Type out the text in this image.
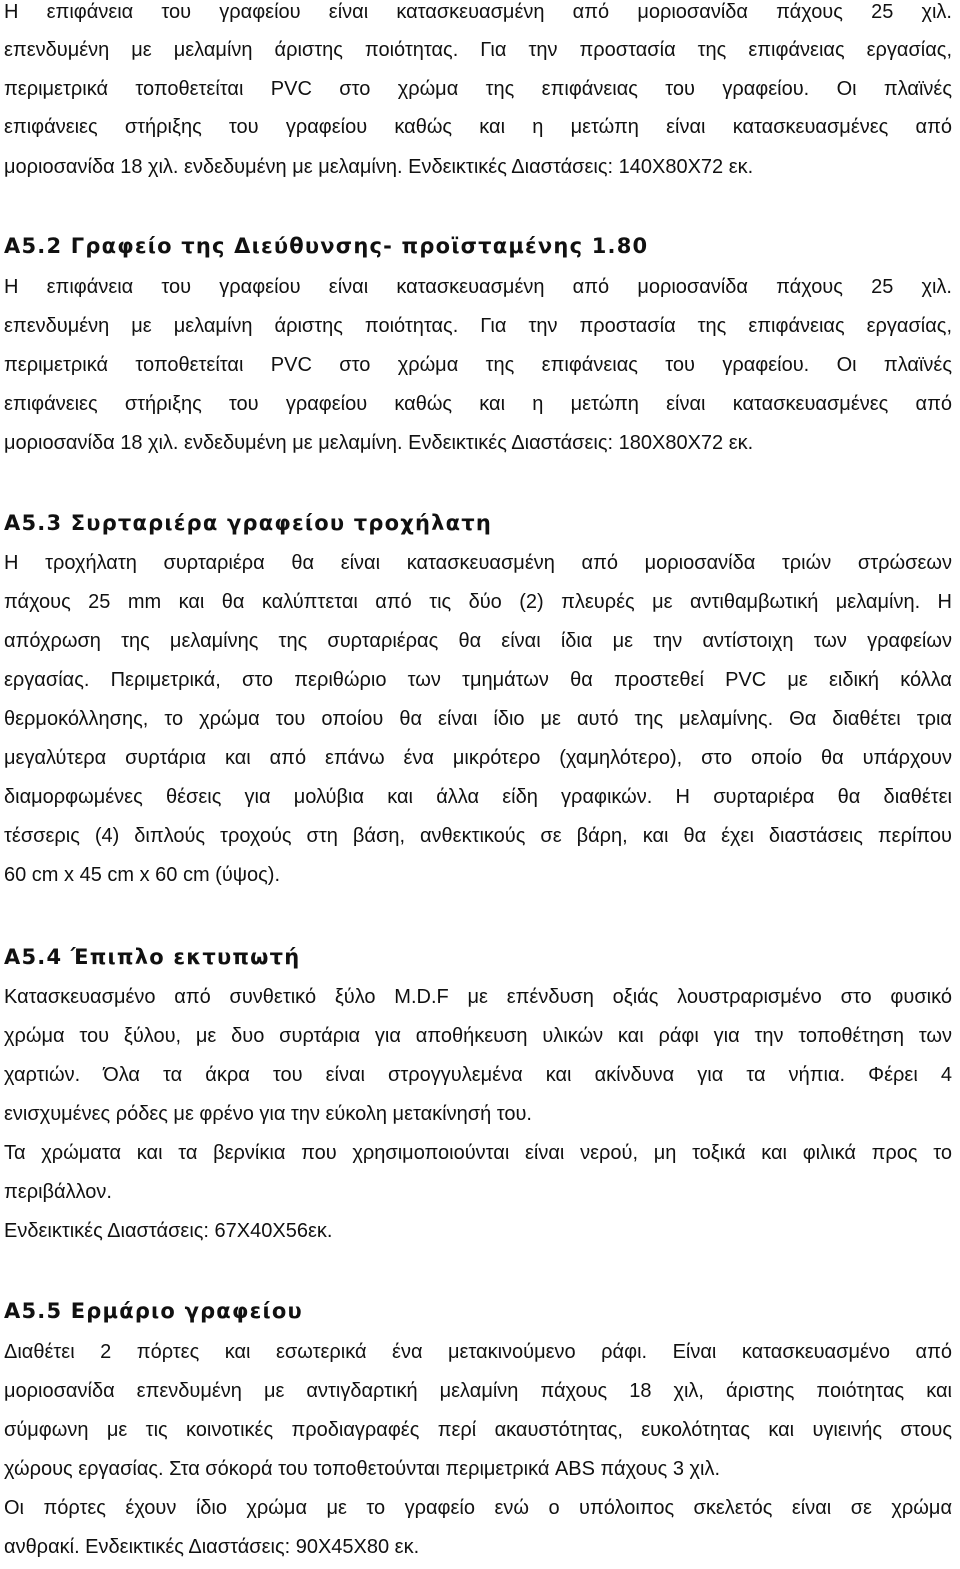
Η επιφάνεια του γραφείου είναι κατασκευασμένη από μοριοσανίδα πάχους 25 χιλ.

επενδυμένη με μελαμίνη άριστης ποιότητας. Για την προστασία της επιφάνειας εργασίας,

περιμετρικά τοποθετείται PVC στο χρώμα της επιφάνειας του γραφείου. Οι πλαϊνές

επιφάνειες στήριξης του γραφείου καθώς και η μετώπη είναι κατασκευασμένες από

μοριοσανίδα 18 χιλ. ενδεδυμένη με μελαμίνη. Ενδεικτικές Διαστάσεις: 140Χ80Χ72 εκ.

Α5.2 Γραφείο της Διεύθυνσης- προϊσταμένης 1.80

Η επιφάνεια του γραφείου είναι κατασκευασμένη από μοριοσανίδα πάχους 25 χιλ.

επενδυμένη με μελαμίνη άριστης ποιότητας. Για την προστασία της επιφάνειας εργασίας,

περιμετρικά τοποθετείται PVC στο χρώμα της επιφάνειας του γραφείου. Οι πλαϊνές

επιφάνειες στήριξης του γραφείου καθώς και η μετώπη είναι κατασκευασμένες από

μοριοσανίδα 18 χιλ. ενδεδυμένη με μελαμίνη. Ενδεικτικές Διαστάσεις: 180Χ80Χ72 εκ.

Α5.3 Συρταριέρα γραφείου τροχήλατη

Η τροχήλατη συρταριέρα θα είναι κατασκευασμένη από μοριοσανίδα τριών στρώσεων

πάχους 25 mm και θα καλύπτεται από τις δύο (2) πλευρές με αντιθαμβωτική μελαμίνη. Η

απόχρωση της μελαμίνης της συρταριέρας θα είναι ίδια με την αντίστοιχη των γραφείων

εργασίας. Περιμετρικά, στο περιθώριο των τμημάτων θα προστεθεί PVC με ειδική κόλλα

θερμοκόλλησης, το χρώμα του οποίου θα είναι ίδιο με αυτό της μελαμίνης. Θα διαθέτει τρια

μεγαλύτερα συρτάρια και από επάνω ένα μικρότερο (χαμηλότερο), στο οποίο θα υπάρχουν

διαμορφωμένες θέσεις για μολύβια και άλλα είδη γραφικών. Η συρταριέρα θα διαθέτει

τέσσερις (4) διπλούς τροχούς στη βάση, ανθεκτικούς σε βάρη, και θα έχει διαστάσεις περίπου

60 cm x 45 cm x 60 cm (ύψος).

Α5.4 Έπιπλο εκτυπωτή

Κατασκευασμένο από συνθετικό ξύλο M.D.F με επένδυση οξιάς λουστραρισμένο στο φυσικό

χρώμα του ξύλου, με δυο συρτάρια για αποθήκευση υλικών και ράφι για την τοποθέτηση των

χαρτιών. Όλα τα άκρα του είναι στρογγυλεμένα και ακίνδυνα για τα νήπια. Φέρει 4

ενισχυμένες ρόδες με φρένο για την εύκολη μετακίνησή του.

Τα χρώματα και τα βερνίκια που χρησιμοποιούνται είναι νερού, μη τοξικά και φιλικά προς το

περιβάλλον.

Ενδεικτικές Διαστάσεις: 67Χ40Χ56εκ.

Α5.5 Ερμάριο γραφείου

Διαθέτει 2 πόρτες και εσωτερικά ένα μετακινούμενο ράφι. Είναι κατασκευασμένο από

μοριοσανίδα επενδυμένη με αντιγδαρτική μελαμίνη πάχους 18 χιλ, άριστης ποιότητας και

σύμφωνη με τις κοινοτικές προδιαγραφές περί ακαυστότητας, ευκολότητας και υγιεινής στους

χώρους εργασίας. Στα σόκορά του τοποθετούνται περιμετρικά ABS πάχους 3 χιλ.

Οι πόρτες έχουν ίδιο χρώμα με το γραφείο ενώ ο υπόλοιπος σκελετός είναι σε χρώμα

ανθρακί. Ενδεικτικές Διαστάσεις: 90Χ45Χ80 εκ.
